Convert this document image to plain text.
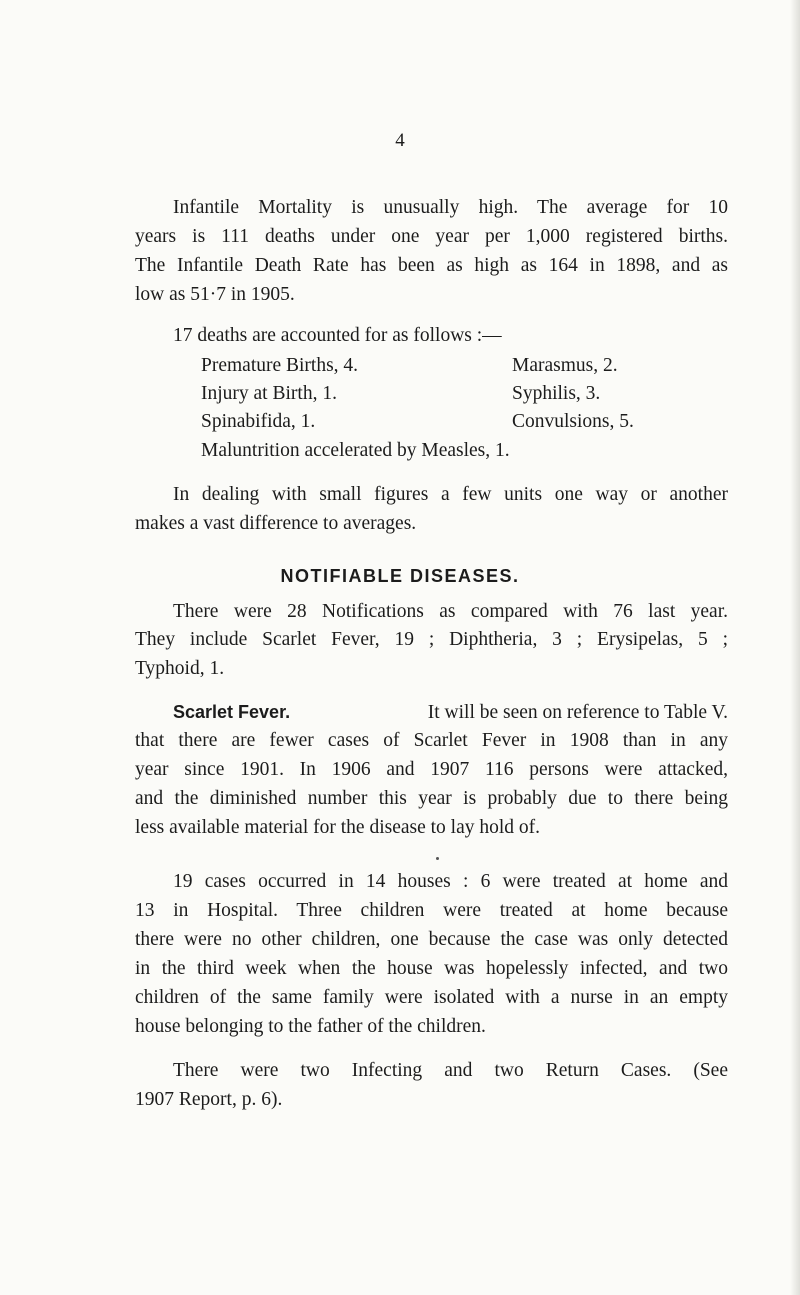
4
Infantile Mortality is unusually high. The average for 10
years is 111 deaths under one year per 1,000 registered births.
The Infantile Death Rate has been as high as 164 in 1898, and as
low as 51·7 in 1905.
17 deaths are accounted for as follows :—
Premature Births, 4.
Injury at Birth, 1.
Spinabifida, 1.
Marasmus, 2.
Syphilis, 3.
Convulsions, 5.
Maluntrition accelerated by Measles, 1.
In dealing with small figures a few units one way or another
makes a vast difference to averages.
NOTIFIABLE DISEASES.
There were 28 Notifications as compared with 76 last year.
They include Scarlet Fever, 19 ; Diphtheria, 3 ; Erysipelas, 5 ;
Typhoid, 1.
Scarlet Fever.	It will be seen on reference to Table V.
that there are fewer cases of Scarlet Fever in 1908 than in any
year since 1901. In 1906 and 1907 116 persons were attacked,
and the diminished number this year is probably due to there being
less available material for the disease to lay hold of.
19 cases occurred in 14 houses : 6 were treated at home and
13 in Hospital. Three children were treated at home because
there were no other children, one because the case was only detected
in the third week when the house was hopelessly infected, and two
children of the same family were isolated with a nurse in an empty
house belonging to the father of the children.
There were two Infecting and two Return Cases. (See
1907 Report, p. 6).
